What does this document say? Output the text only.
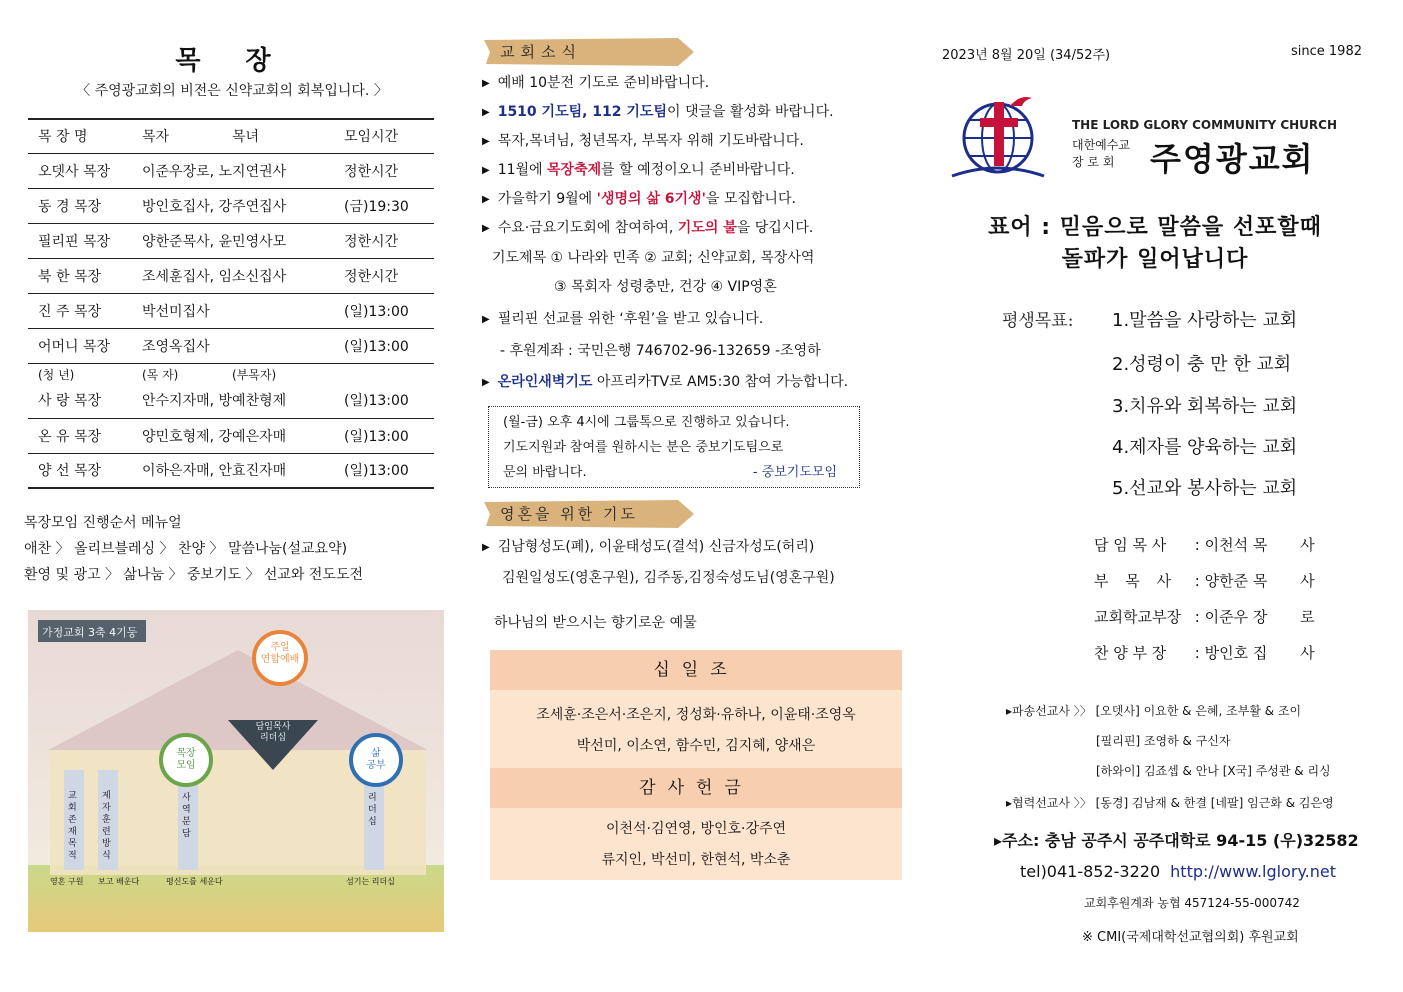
목 장
〈 주영광교회의 비전은 신약교회의 회복입니다. 〉
목 장 명	목자	목녀	모임시간
오뎃사 목장	이준우장로, 노지연권사		정한시간
동 경 목장	방인호집사, 강주연집사		(금)19:30
필리핀 목장	양한준목사, 윤민영사모		정한시간
북 한 목장	조세훈집사, 임소신집사		정한시간
진 주 목장	박선미집사		(일)13:00
어머니 목장	조영옥집사		(일)13:00
(청 년)	(목 자)	(부목자)	
사 랑 목장	안수지자매, 방예찬형제		(일)13:00
온 유 목장	양민호형제, 강예은자매		(일)13:00
양 선 목장	이하은자매, 안효진자매		(일)13:00
목장모임 진행순서 메뉴얼
애찬 〉 올리브블레싱 〉 찬양 〉 말씀나눔(설교요약)
환영 및 광고 〉 삶나눔 〉 중보기도 〉 선교와 전도도전
가정교회 3축 4기둥
주일
연합예배
목장
모임
삶
공부
담임목사
리더십
교회존재목적
제자훈련방식
사역분담
리더십
영혼 구원 보고 배운다	평신도를 세운다	섬기는 리더십
교회소식
▶ 예배 10분전 기도로 준비바랍니다.
▶ 1510 기도팀, 112 기도팀이 댓글을 활성화 바랍니다.
▶ 목자,목녀님, 청년목자, 부목자 위해 기도바랍니다.
▶ 11월에 목장축제를 할 예정이오니 준비바랍니다.
▶ 가을학기 9월에 '생명의 삶 6기생'을 모집합니다.
▶ 수요·금요기도회에 참여하여, 기도의 불을 당깁시다.
기도제목 ① 나라와 민족 ② 교회; 신약교회, 목장사역
③ 목회자 성령충만, 건강 ④ VIP영혼
▶ 필리핀 선교를 위한 ‘후원’을 받고 있습니다.
- 후원계좌 : 국민은행 746702-96-132659 -조영하
▶ 온라인새벽기도 아프리카TV로 AM5:30 참여 가능합니다.
(월-금) 오후 4시에 그룹톡으로 진행하고 있습니다.
기도지원과 참여를 원하시는 분은 중보기도팀으로
문의 바랍니다.	- 중보기도모임
영혼을 위한 기도
▶ 김남형성도(폐), 이윤태성도(결석) 신금자성도(허리)
김원일성도(영혼구원), 김주동,김정숙성도님(영혼구원)
하나님의 받으시는 향기로운 예물
십일조
조세훈·조은서·조은지, 정성화·유하나, 이윤태·조영옥
박선미, 이소연, 함수민, 김지혜, 양새은
감사헌금
이천석·김연영, 방인호·강주연
류지인, 박선미, 한현석, 박소춘
2023년 8월 20일 (34/52주)	since 1982
THE LORD GLORY COMMUNITY CHURCH
대한예수교
장 로 회	주영광교회
표어 : 믿음으로 말씀을 선포할때
돌파가 일어납니다
평생목표: 1.말씀을 사랑하는 교회
2.성령이 충 만 한 교회
3.치유와 회복하는 교회
4.제자를 양육하는 교회
5.선교와 봉사하는 교회
담 임 목 사 : 이천석 목 사
부 목 사 : 양한준 목 사
교회학교부장 : 이준우 장 로
찬 양 부 장 : 방인호 집 사
▸파송선교사 〉〉 [오뎃사] 이요한 & 은혜, 조부활 & 조이
[필리핀] 조영하 & 구신자
[하와이] 김죠셉 & 안나 [X국] 주성관 & 리싱
▸협력선교사 〉〉 [동경] 김남재 & 한결 [네팔] 임근화 & 김은영
▸주소: 충남 공주시 공주대학로 94-15 (우)32582
tel)041-852-3220 http://www.lglory.net
교회후원계좌 농협 457124-55-000742
※ CMI(국제대학선교협의회) 후원교회
